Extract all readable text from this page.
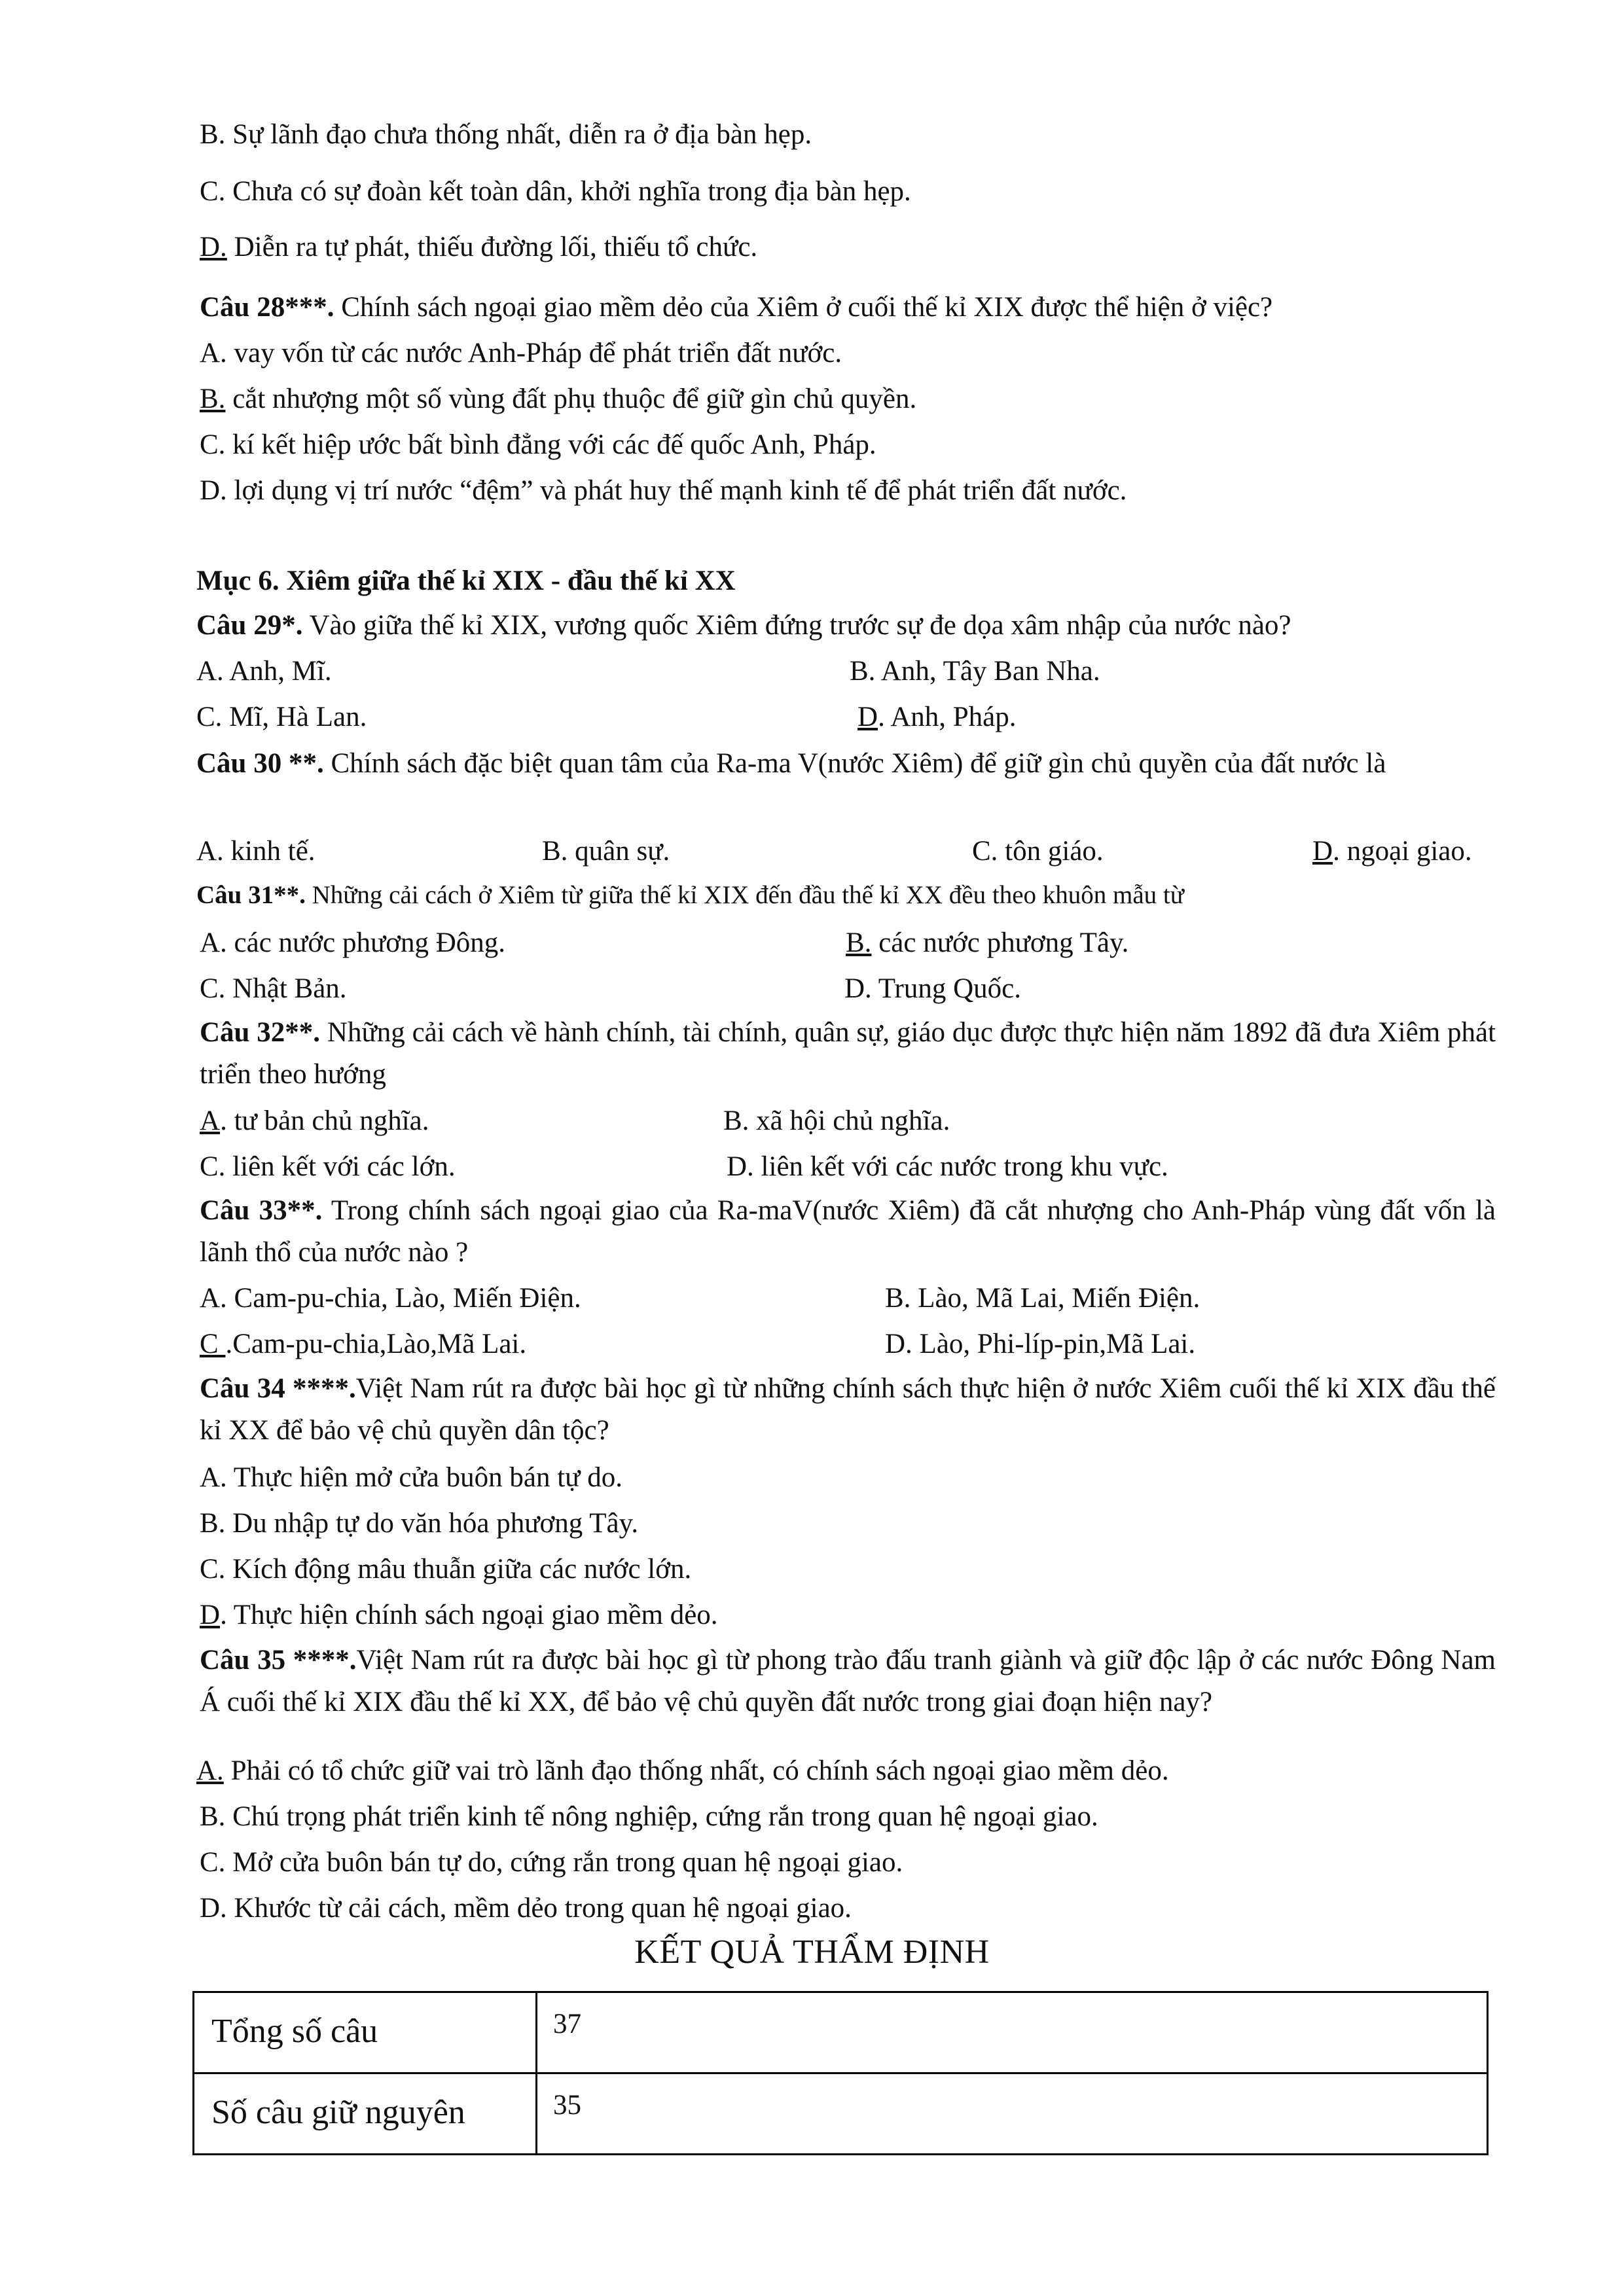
B. Sự lãnh đạo chưa thống nhất, diễn ra ở địa bàn hẹp.
C. Chưa có sự đoàn kết toàn dân, khởi nghĩa trong địa bàn hẹp.
D. Diễn ra tự phát, thiếu đường lối, thiếu tổ chức.
Câu 28***. Chính sách ngoại giao mềm dẻo của Xiêm ở cuối thế kỉ XIX được thể hiện ở việc?
A. vay vốn từ các nước Anh-Pháp để phát triển đất nước.
B. cắt nhượng một số vùng đất phụ thuộc để giữ gìn chủ quyền.
C. kí kết hiệp ước bất bình đẳng với các đế quốc Anh, Pháp.
D. lợi dụng vị trí nước “đệm” và phát huy thế mạnh kinh tế để phát triển đất nước.
Mục 6. Xiêm giữa thế kỉ XIX - đầu thế kỉ XX
Câu 29*. Vào giữa thế kỉ XIX, vương quốc Xiêm đứng trước sự đe dọa xâm nhập của nước nào?
A. Anh, Mĩ.	B. Anh, Tây Ban Nha.
C. Mĩ, Hà Lan.	D. Anh, Pháp.
Câu 30 **. Chính sách đặc biệt quan tâm của Ra-ma V(nước Xiêm) để giữ gìn chủ quyền của đất nước là
A. kinh tế.	B. quân sự.	C. tôn giáo.	D. ngoại giao.
Câu 31**. Những cải cách ở Xiêm từ giữa thế kỉ XIX đến đầu thế kỉ XX đều theo khuôn mẫu từ
A. các nước phương Đông.	B. các nước phương Tây.
C. Nhật Bản.	D. Trung Quốc.
Câu 32**. Những cải cách về hành chính, tài chính, quân sự, giáo dục được thực hiện năm 1892 đã đưa Xiêm phát triển theo hướng
A. tư bản chủ nghĩa.	B. xã hội chủ nghĩa.
C. liên kết với các lớn.	D. liên kết với các nước trong khu vực.
Câu 33**. Trong chính sách ngoại giao của Ra-maV(nước Xiêm) đã cắt nhượng cho Anh-Pháp vùng đất vốn là lãnh thổ của nước nào ?
A. Cam-pu-chia, Lào, Miến Điện.	B. Lào, Mã Lai, Miến Điện.
C .Cam-pu-chia,Lào,Mã Lai.	D. Lào, Phi-líp-pin,Mã Lai.
Câu 34 ****.Việt Nam rút ra được bài học gì từ những chính sách thực hiện ở nước Xiêm cuối thế kỉ XIX đầu thế kỉ XX để bảo vệ chủ quyền dân tộc?
A. Thực hiện mở cửa buôn bán tự do.
B. Du nhập tự do văn hóa phương Tây.
C. Kích động mâu thuẫn giữa các nước lớn.
D. Thực hiện chính sách ngoại giao mềm dẻo.
Câu 35 ****.Việt Nam rút ra được bài học gì từ phong trào đấu tranh giành và giữ độc lập ở các nước Đông Nam Á cuối thế kỉ XIX đầu thế kỉ XX, để bảo vệ chủ quyền đất nước trong giai đoạn hiện nay?
A. Phải có tổ chức giữ vai trò lãnh đạo thống nhất, có chính sách ngoại giao mềm dẻo.
B. Chú trọng phát triển kinh tế nông nghiệp, cứng rắn trong quan hệ ngoại giao.
C. Mở cửa buôn bán tự do, cứng rắn trong quan hệ ngoại giao.
D. Khước từ cải cách, mềm dẻo trong quan hệ ngoại giao.
KẾT QUẢ THẨM ĐỊNH
Tổng số câu	37
Số câu giữ nguyên	35
